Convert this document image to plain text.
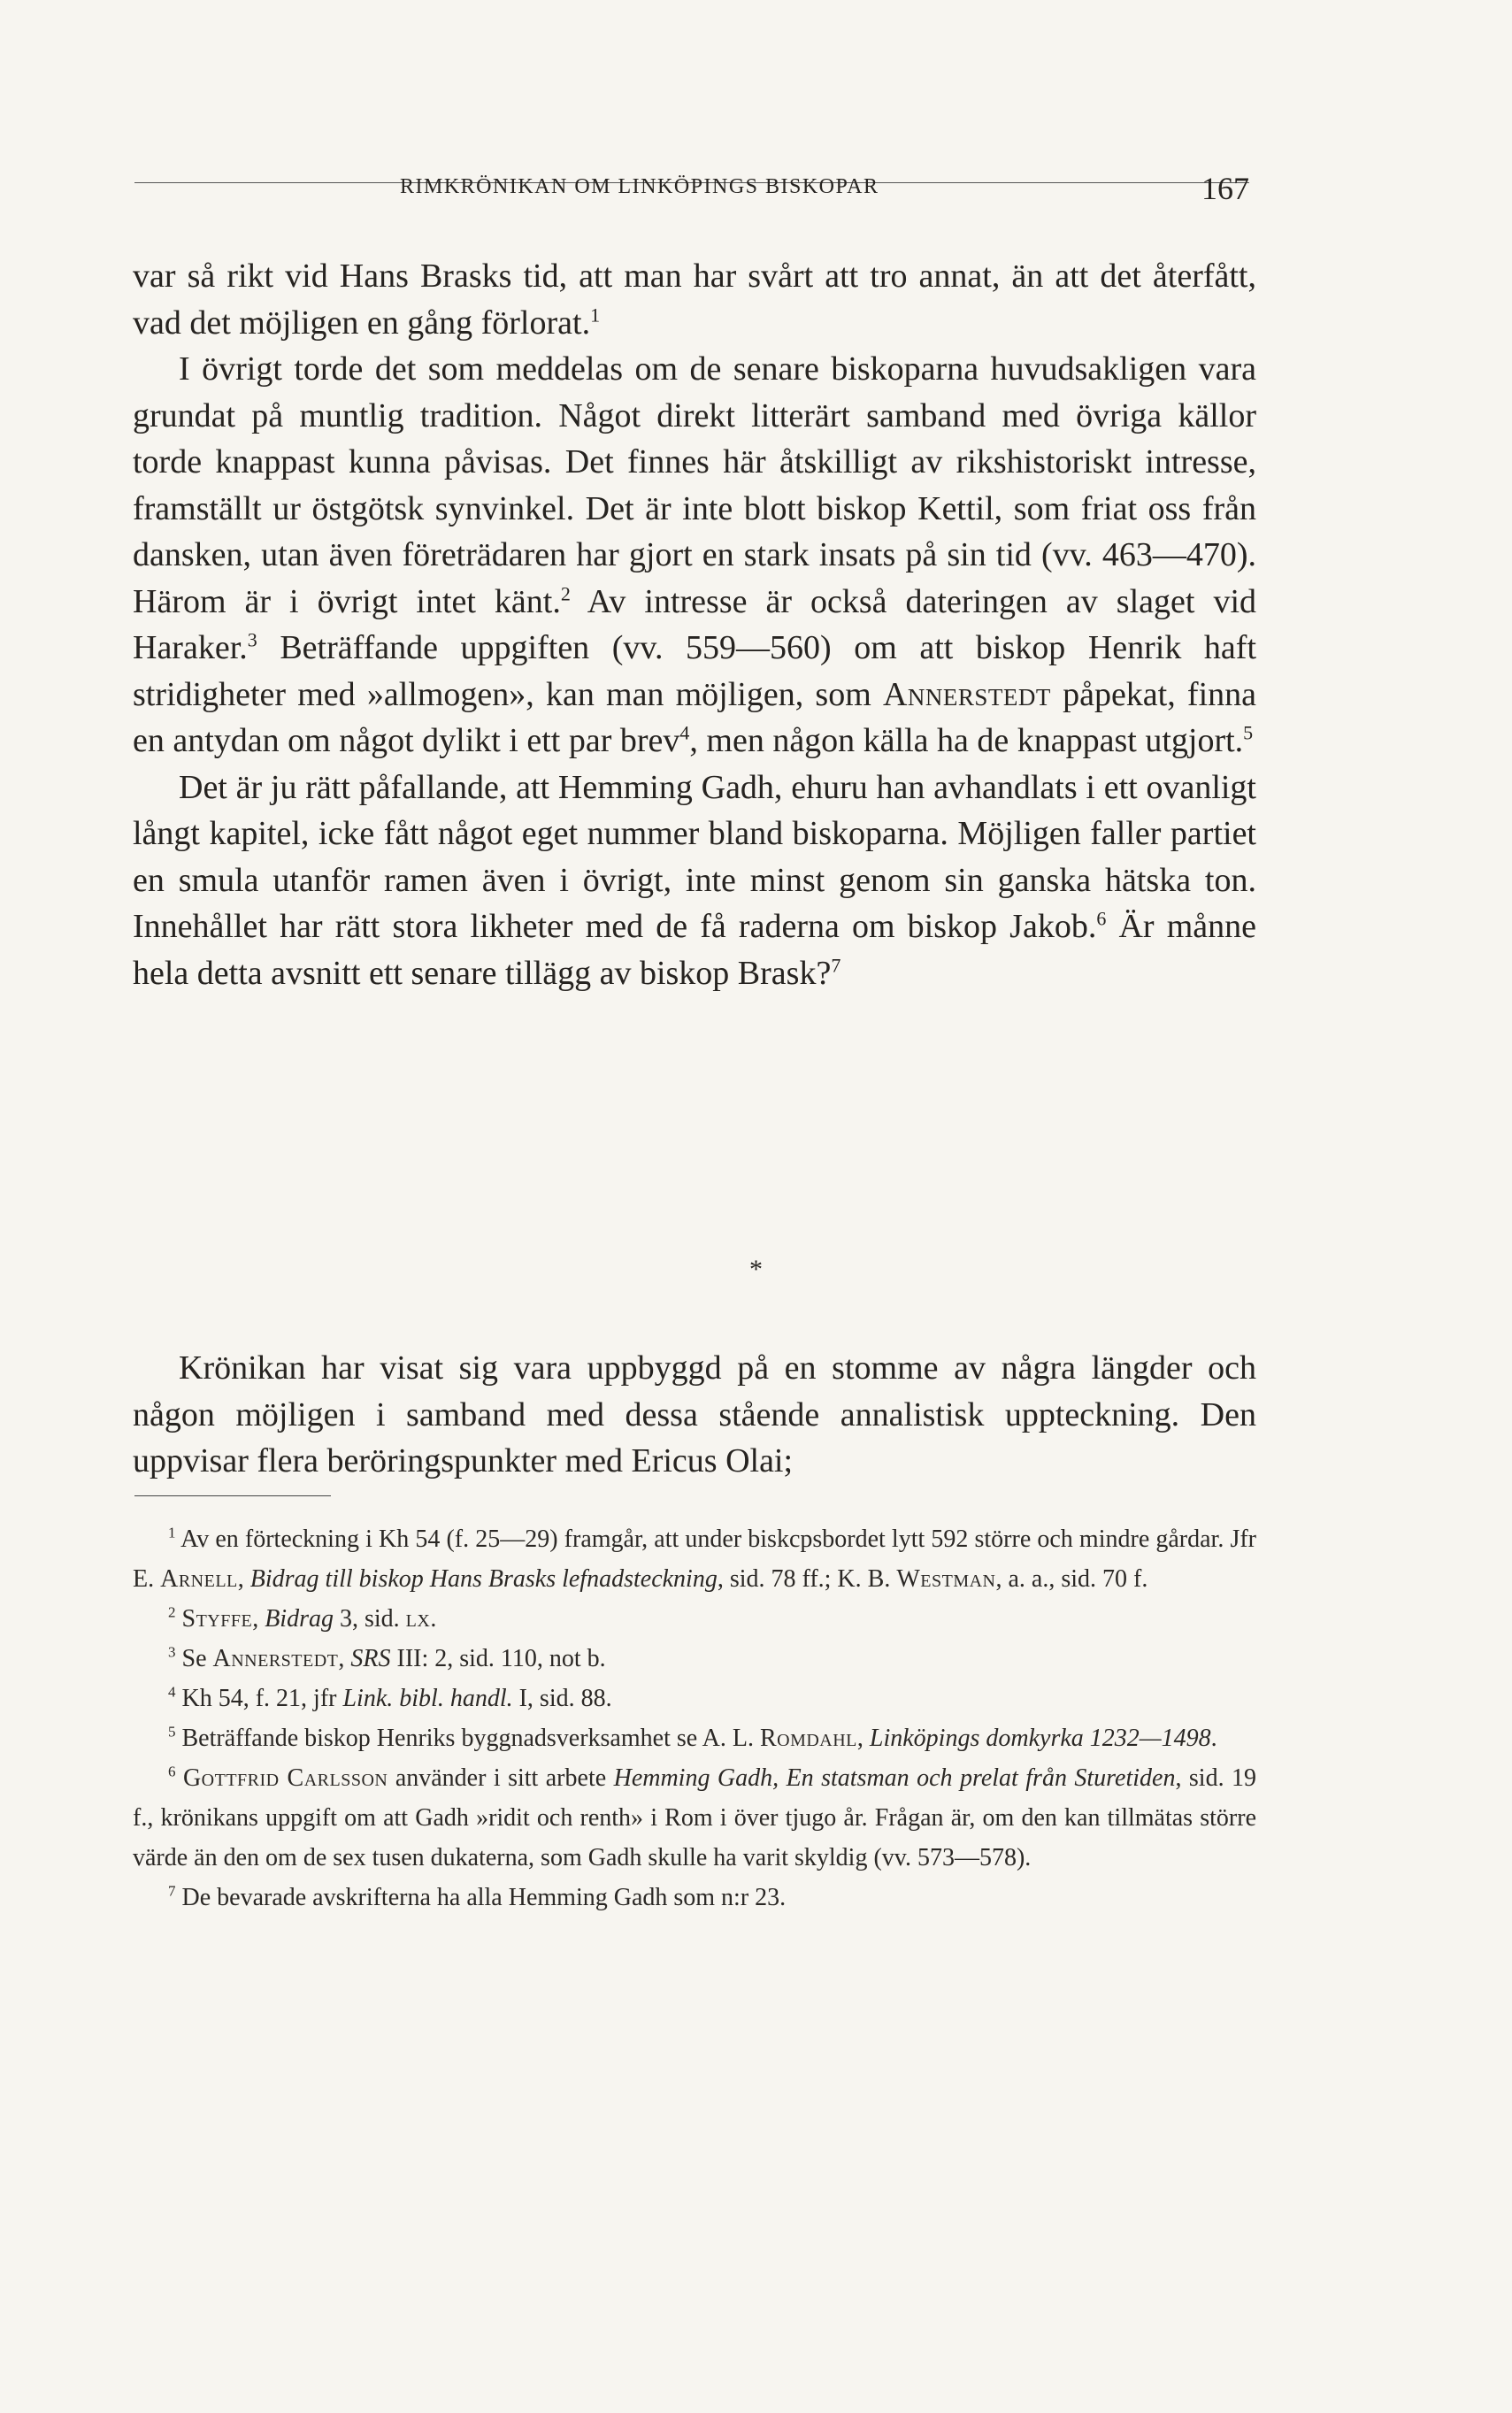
RIMKRÖNIKAN OM LINKÖPINGS BISKOPAR	167

var så rikt vid Hans Brasks tid, att man har svårt att tro annat, än att det återfått, vad det möjligen en gång förlorat.$^1$

I övrigt torde det som meddelas om de senare biskoparna huvudsakligen vara grundat på muntlig tradition. Något direkt litterärt samband med övriga källor torde knappast kunna påvisas. Det finnes här åtskilligt av rikshistoriskt intresse, framställt ur östgötsk synvinkel. Det är inte blott biskop Kettil, som friat oss från dansken, utan även företrädaren har gjort en stark insats på sin tid (vv. 463—470). Härom är i övrigt intet känt.$^2$ Av intresse är också dateringen av slaget vid Haraker.$^3$ Beträffande uppgiften (vv. 559—560) om att biskop Henrik haft stridigheter med »allmogen», kan man möjligen, som Annerstedt påpekat, finna en antydan om något dylikt i ett par brev$^4$, men någon källa ha de knappast utgjort.$^5$

Det är ju rätt påfallande, att Hemming Gadh, ehuru han avhandlats i ett ovanligt långt kapitel, icke fått något eget nummer bland biskoparna. Möjligen faller partiet en smula utanför ramen även i övrigt, inte minst genom sin ganska hätska ton. Innehållet har rätt stora likheter med de få raderna om biskop Jakob.$^6$ Är månne hela detta avsnitt ett senare tillägg av biskop Brask?$^7$

*

Krönikan har visat sig vara uppbyggd på en stomme av några längder och någon möjligen i samband med dessa stående annalistisk uppteckning. Den uppvisar flera beröringspunkter med Ericus Olai;

$^1$ Av en förteckning i Kh 54 (f. 25—29) framgår, att under biskcpsbordet lytt 592 större och mindre gårdar. Jfr E. Arnell, Bidrag till biskop Hans Brasks lefnadsteckning, sid. 78 ff.; K. B. Westman, a. a., sid. 70 f.

$^2$ Styffe, Bidrag 3, sid. lx.

$^3$ Se Annerstedt, SRS III: 2, sid. 110, not b.

$^4$ Kh 54, f. 21, jfr Link. bibl. handl. I, sid. 88.

$^5$ Beträffande biskop Henriks byggnadsverksamhet se A. L. Romdahl, Linköpings domkyrka 1232—1498.

$^6$ Gottfrid Carlsson använder i sitt arbete Hemming Gadh, En statsman och prelat från Sturetiden, sid. 19 f., krönikans uppgift om att Gadh »ridit och renth» i Rom i över tjugo år. Frågan är, om den kan tillmätas större värde än den om de sex tusen dukaterna, som Gadh skulle ha varit skyldig (vv. 573—578).

$^7$ De bevarade avskrifterna ha alla Hemming Gadh som n:r 23.
